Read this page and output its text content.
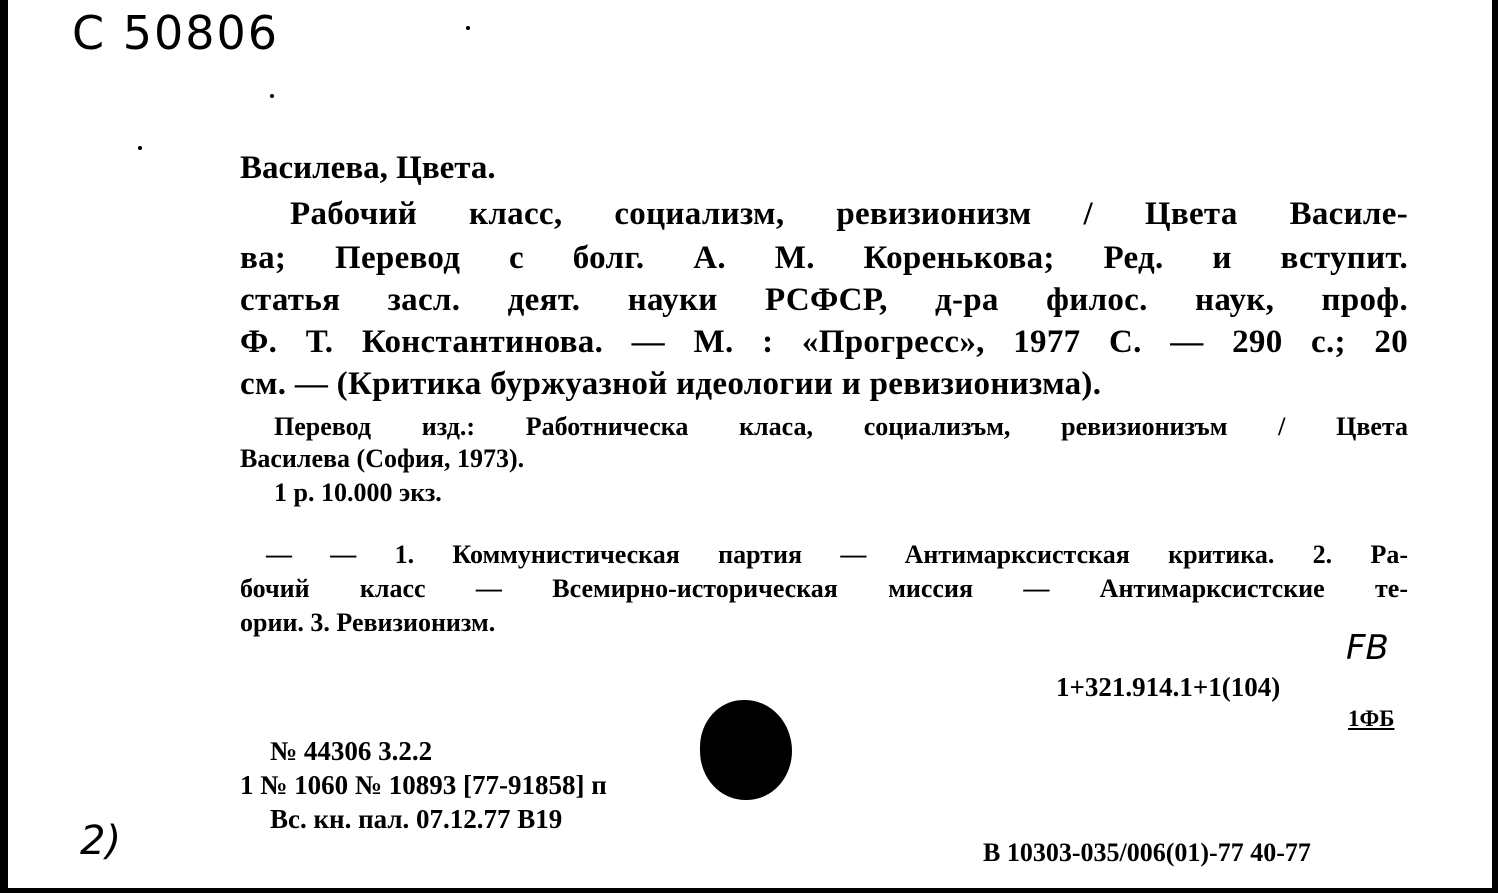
С 50806
Василева, Цвета.
Рабочий класс, социализм, ревизионизм / Цвета Василе-
ва; Перевод с болг. А. М. Коренькова; Ред. и вступит.
статья засл. деят. науки РСФСР, д-ра филос. наук, проф.
Ф. Т. Константинова. — М. : «Прогресс», 1977 С. — 290 с.; 20
см. — (Критика буржуазной идеологии и ревизионизма).
Перевод изд.: Работническа класа, социализъм, ревизионизъм / Цвета
Василева (София, 1973).
1 р. 10.000 экз.
— — 1. Коммунистическая партия — Антимарксистская критика. 2. Ра-
бочий класс — Всемирно-историческая миссия — Антимарксистские те-
ории. 3. Ревизионизм.
FB
1+321.914.1+1(104)
1ФБ
№ 44306 3.2.2
1 № 1060 № 10893 [77-91858] п
Вс. кн. пал. 07.12.77 В19
В 10303-035/006(01)-77 40-77
2)
